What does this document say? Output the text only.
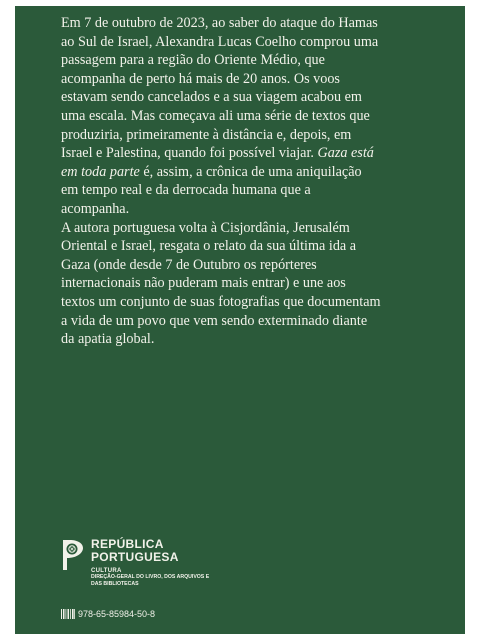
Em 7 de outubro de 2023, ao saber do ataque do Hamas ao Sul de Israel, Alexandra Lucas Coelho comprou uma passagem para a região do Oriente Médio, que acompanha de perto há mais de 20 anos. Os voos estavam sendo cancelados e a sua viagem acabou em uma escala. Mas começava ali uma série de textos que produziria, primeiramente à distância e, depois, em Israel e Palestina, quando foi possível viajar. Gaza está em toda parte é, assim, a crônica de uma aniquilação em tempo real e da derrocada humana que a acompanha.

A autora portuguesa volta à Cisjordânia, Jerusalém Oriental e Israel, resgata o relato da sua última ida a Gaza (onde desde 7 de Outubro os repórteres internacionais não puderam mais entrar) e une aos textos um conjunto de suas fotografias que documentam a vida de um povo que vem sendo exterminado diante da apatia global.

REPÚBLICA
PORTUGUESA
CULTURA
DIREÇÃO-GERAL DO LIVRO, DOS ARQUIVOS E DAS BIBLIOTECAS
978-65-85984-50-8
